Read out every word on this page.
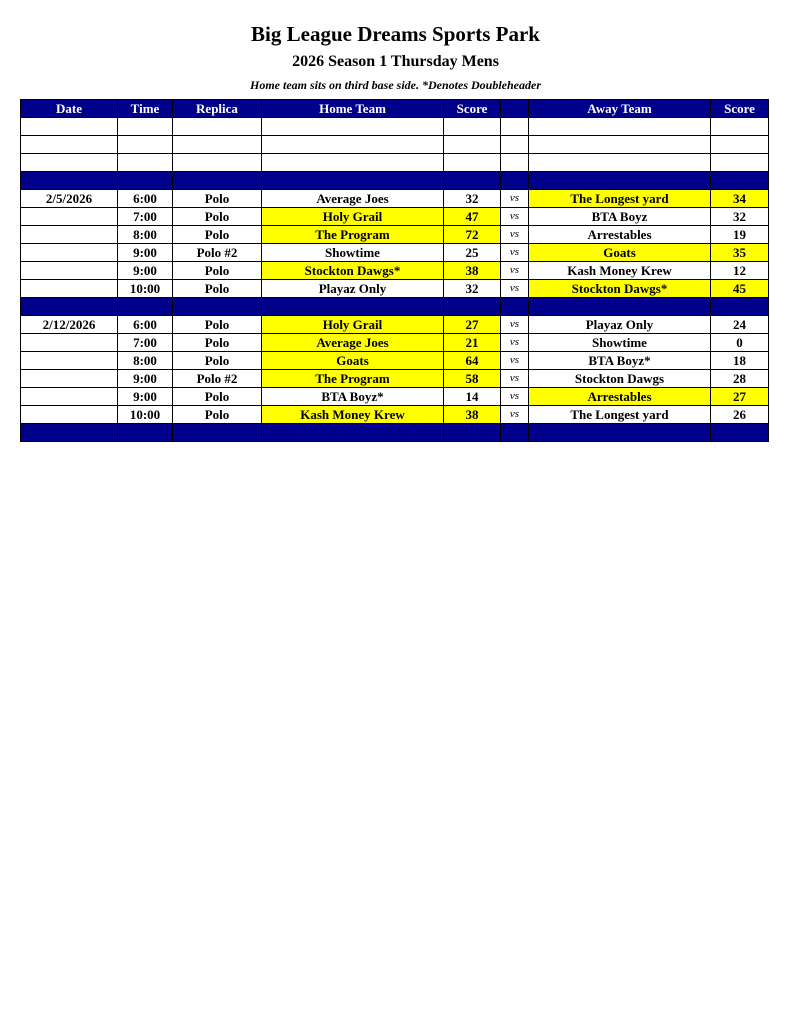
Big League Dreams Sports Park
2026 Season 1 Thursday Mens
Home team sits on third base side. *Denotes Doubleheader
Date	Time	Replica	Home Team	Score		Away Team	Score

2/5/2026	6:00	Polo	Average Joes	32	vs	The Longest yard	34
	7:00	Polo	Holy Grail	47	vs	BTA Boyz	32
	8:00	Polo	The Program	72	vs	Arrestables	19
	9:00	Polo #2	Showtime	25	vs	Goats	35
	9:00	Polo	Stockton Dawgs*	38	vs	Kash Money Krew	12
	10:00	Polo	Playaz Only	32	vs	Stockton Dawgs*	45

2/12/2026	6:00	Polo	Holy Grail	27	vs	Playaz Only	24
	7:00	Polo	Average Joes	21	vs	Showtime	0
	8:00	Polo	Goats	64	vs	BTA Boyz*	18
	9:00	Polo #2	The Program	58	vs	Stockton Dawgs	28
	9:00	Polo	BTA Boyz*	14	vs	Arrestables	27
	10:00	Polo	Kash Money Krew	38	vs	The Longest yard	26
